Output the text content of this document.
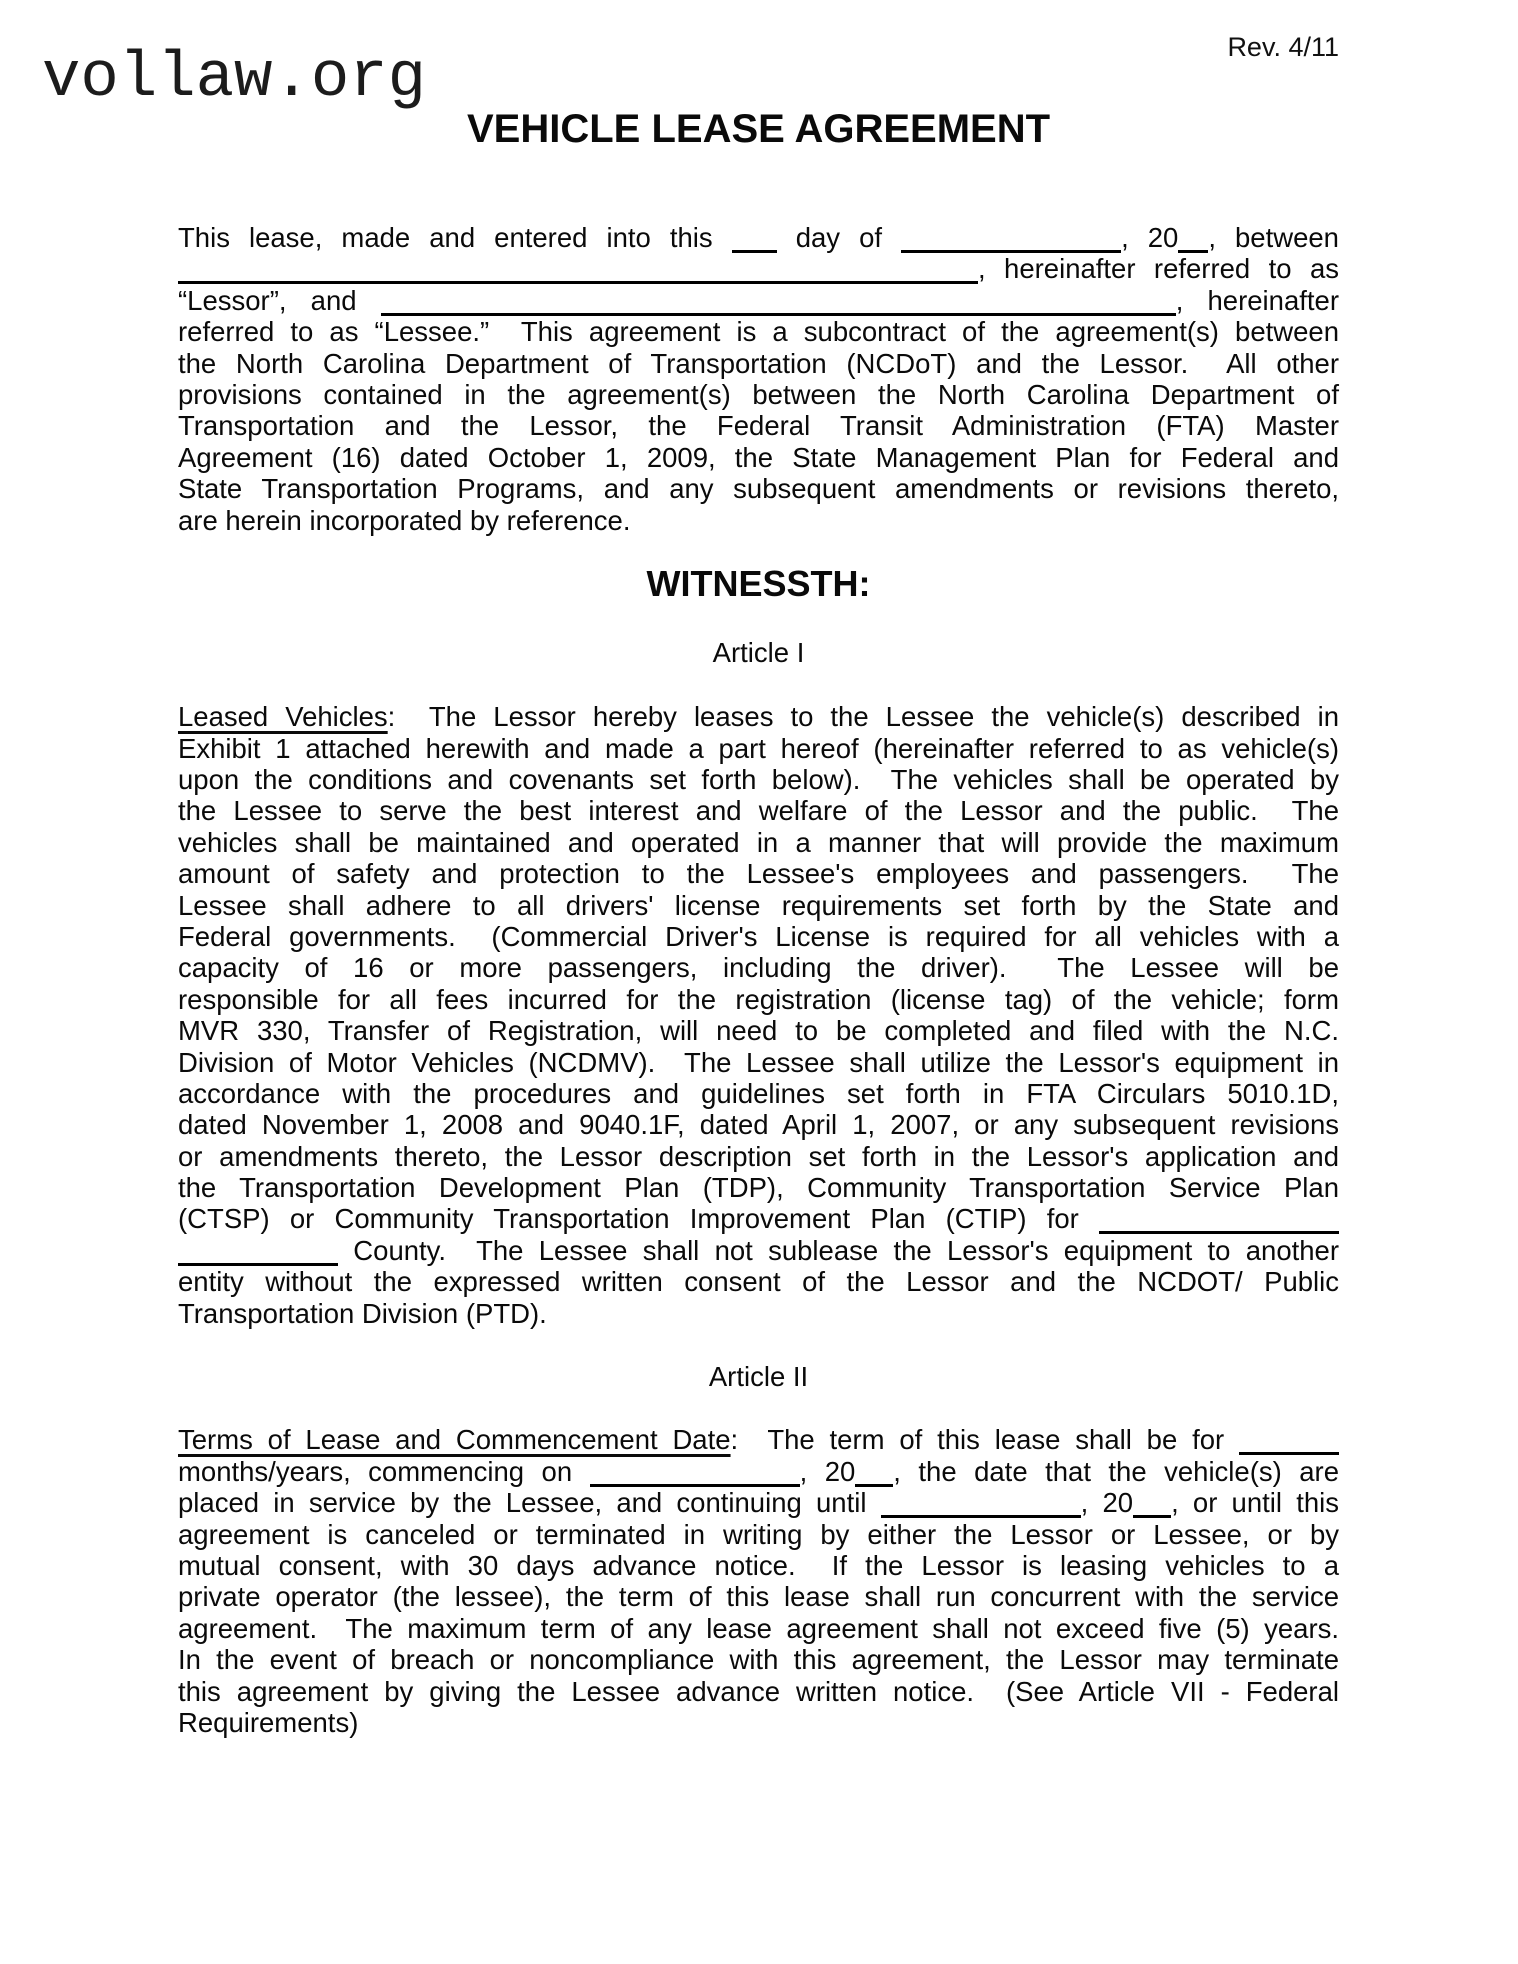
vollaw.org	Rev. 4/11
VEHICLE LEASE AGREEMENT
This lease, made and entered into this  day of	, 20 , between
, hereinafter referred to as
“Lessor”, and	, hereinafter
referred to as “Lessee.”  This agreement is a subcontract of the agreement(s) between
the North Carolina Department of Transportation (NCDoT) and the Lessor.  All other
provisions contained in the agreement(s) between the North Carolina Department of
Transportation and the Lessor, the Federal Transit Administration (FTA) Master
Agreement (16) dated October 1, 2009, the State Management Plan for Federal and
State Transportation Programs, and any subsequent amendments or revisions thereto,
are herein incorporated by reference.
WITNESSTH:
Article I
Leased Vehicles:  The Lessor hereby leases to the Lessee the vehicle(s) described in
Exhibit 1 attached herewith and made a part hereof (hereinafter referred to as vehicle(s)
upon the conditions and covenants set forth below).  The vehicles shall be operated by
the Lessee to serve the best interest and welfare of the Lessor and the public.  The
vehicles shall be maintained and operated in a manner that will provide the maximum
amount of safety and protection to the Lessee's employees and passengers.  The
Lessee shall adhere to all drivers' license requirements set forth by the State and
Federal governments.  (Commercial Driver's License is required for all vehicles with a
capacity of 16 or more passengers, including the driver).  The Lessee will be
responsible for all fees incurred for the registration (license tag) of the vehicle; form
MVR 330, Transfer of Registration, will need to be completed and filed with the N.C.
Division of Motor Vehicles (NCDMV).  The Lessee shall utilize the Lessor's equipment in
accordance with the procedures and guidelines set forth in FTA Circulars 5010.1D,
dated November 1, 2008 and 9040.1F, dated April 1, 2007, or any subsequent revisions
or amendments thereto, the Lessor description set forth in the Lessor's application and
the Transportation Development Plan (TDP), Community Transportation Service Plan
(CTSP) or Community Transportation Improvement Plan (CTIP) for
County.  The Lessee shall not sublease the Lessor's equipment to another
entity without the expressed written consent of the Lessor and the NCDOT/ Public
Transportation Division (PTD).
Article II
Terms of Lease and Commencement Date:  The term of this lease shall be for
months/years, commencing on	, 20 , the date that the vehicle(s) are
placed in service by the Lessee, and continuing until	, 20 , or until this
agreement is canceled or terminated in writing by either the Lessor or Lessee, or by
mutual consent, with 30 days advance notice.  If the Lessor is leasing vehicles to a
private operator (the lessee), the term of this lease shall run concurrent with the service
agreement.  The maximum term of any lease agreement shall not exceed five (5) years.
In the event of breach or noncompliance with this agreement, the Lessor may terminate
this agreement by giving the Lessee advance written notice.  (See Article VII - Federal
Requirements)
